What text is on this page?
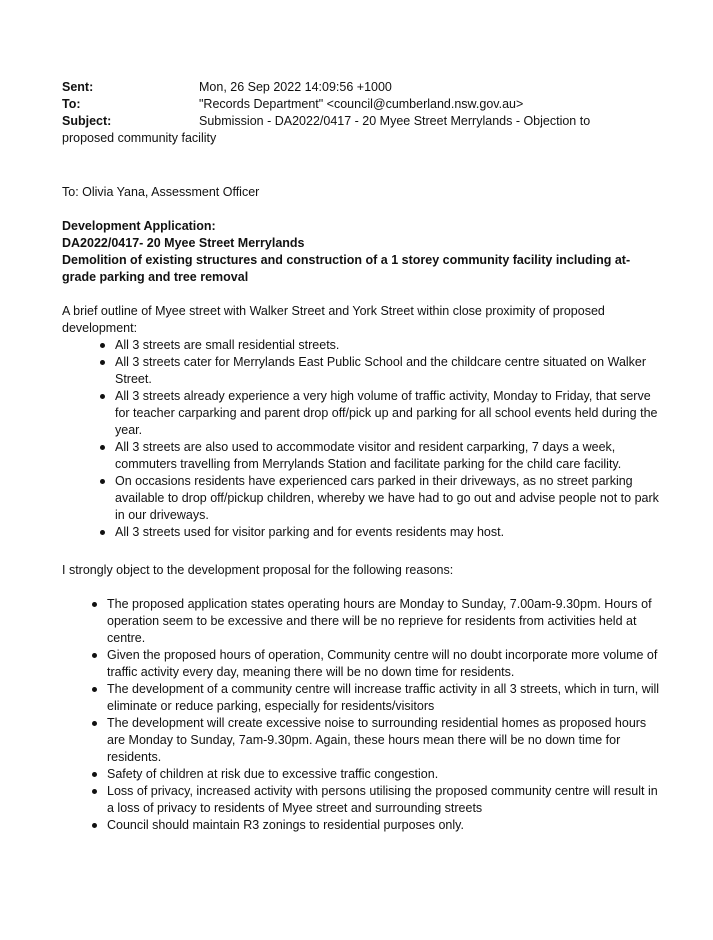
Sent:	Mon, 26 Sep 2022 14:09:56 +1000
To:	"Records Department" <council@cumberland.nsw.gov.au>
Subject:	Submission - DA2022/0417 - 20 Myee Street Merrylands - Objection to
proposed community facility
To: Olivia Yana, Assessment Officer
Development Application:
DA2022/0417- 20 Myee Street Merrylands
Demolition of existing structures and construction of a 1 storey community facility including at-grade parking and tree removal
A brief outline of Myee street with Walker Street and York Street within close proximity of proposed development:
All 3 streets are small residential streets.
All 3 streets cater for Merrylands East Public School and the childcare centre situated on Walker Street.
All 3 streets already experience a very high volume of traffic activity, Monday to Friday, that serve for teacher carparking and parent drop off/pick up and parking for all school events held during the year.
All 3 streets are also used to accommodate visitor and resident carparking, 7 days a week, commuters travelling from Merrylands Station and facilitate parking for the child care facility.
On occasions residents have experienced cars parked in their driveways, as no street parking available to drop off/pickup children, whereby we have had to go out and advise people not to park in our driveways.
All 3 streets used for visitor parking and for events residents may host.
I strongly object to the development proposal for the following reasons:
The proposed application states operating hours are Monday to Sunday, 7.00am-9.30pm. Hours of operation seem to be excessive and there will be no reprieve for residents from activities held at centre.
Given the proposed hours of operation, Community centre will no doubt incorporate more volume of traffic activity every day, meaning there will be no down time for residents.
The development of a community centre will increase traffic activity in all 3 streets, which in turn, will eliminate or reduce parking, especially for residents/visitors
The development will create excessive noise to surrounding residential homes as proposed hours are Monday to Sunday, 7am-9.30pm. Again, these hours mean there will be no down time for residents.
Safety of children at risk due to excessive traffic congestion.
Loss of privacy, increased activity with persons utilising the proposed community centre will result in a loss of privacy to residents of Myee street and surrounding streets
Council should maintain R3 zonings to residential purposes only.
